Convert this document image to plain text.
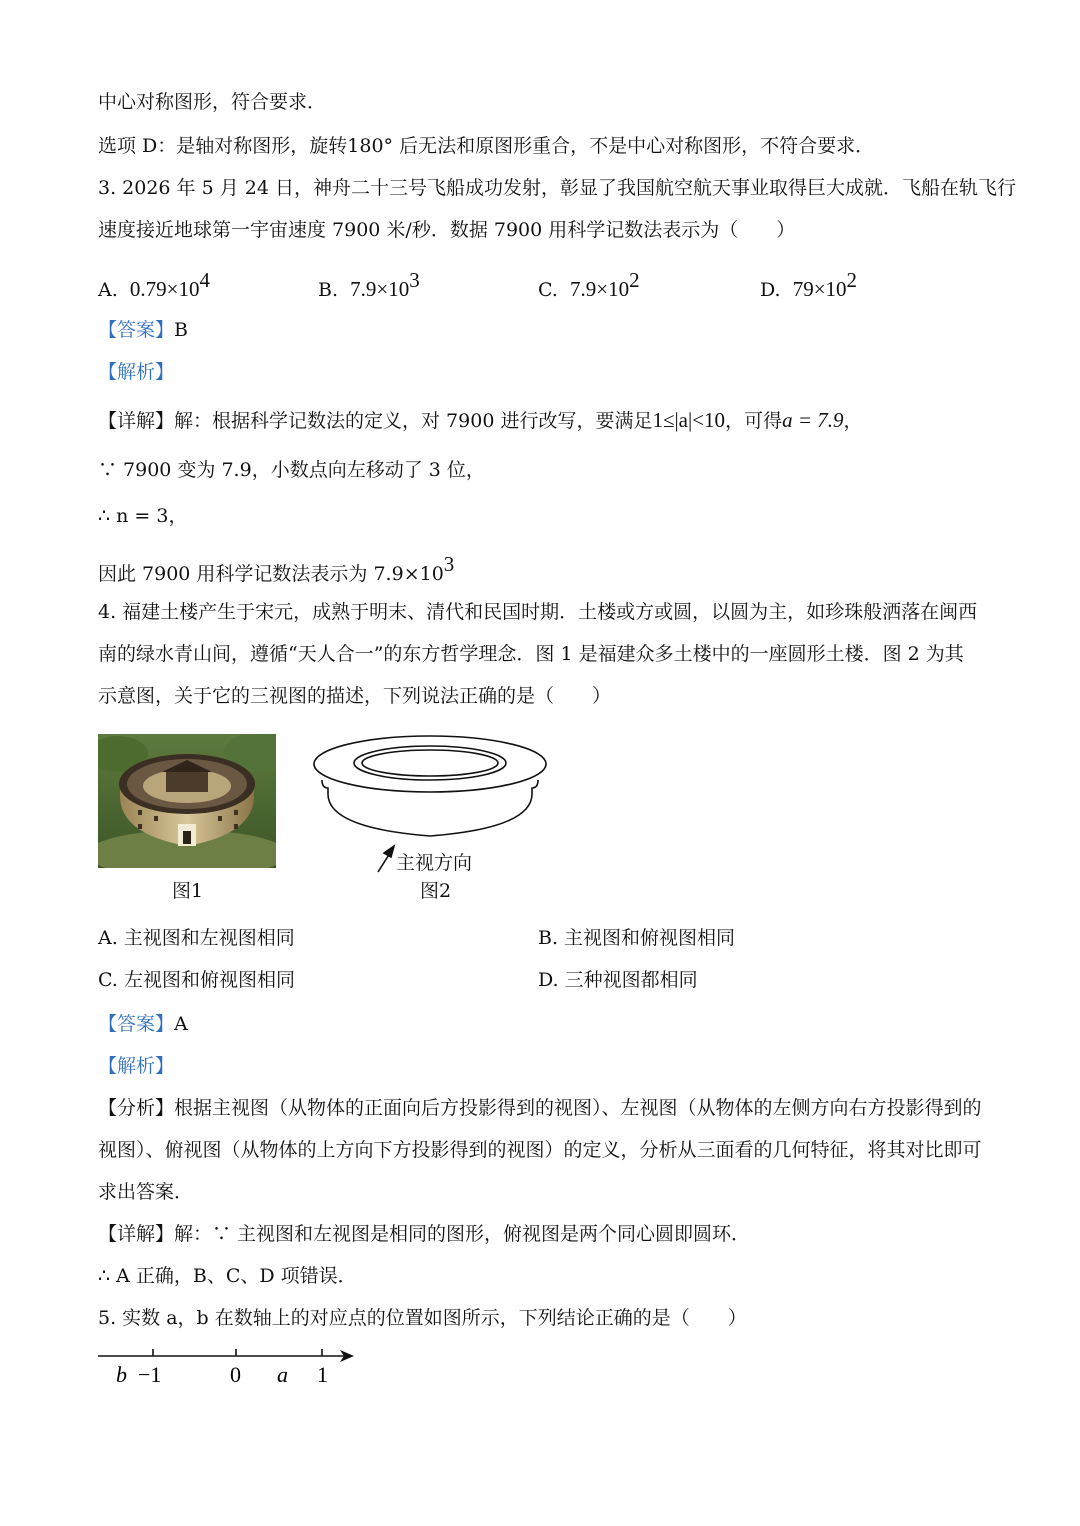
中心对称图形，符合要求．
选项 D：是轴对称图形，旋转180° 后无法和原图形重合，不是中心对称图形，不符合要求．
3. 2026 年 5 月 24 日，神舟二十三号飞船成功发射，彰显了我国航空航天事业取得巨大成就．飞船在轨飞行
速度接近地球第一宇宙速度 7900 米/秒．数据 7900 用科学记数法表示为（　　）
A. $0.79\times 10^4$	B. $7.9\times 10^3$	C. $7.9\times 10^2$	D. $79\times 10^2$
【答案】B
【解析】
【详解】解：根据科学记数法的定义，对 7900 进行改写，要满足1≤|a|<10，可得a = 7.9，
∵ 7900 变为 7.9，小数点向左移动了 3 位，
∴ n = 3，
因此 7900 用科学记数法表示为 $7.9\times 10^3$
4. 福建土楼产生于宋元，成熟于明末、清代和民国时期．土楼或方或圆，以圆为主，如珍珠般洒落在闽西
南的绿水青山间，遵循“天人合一”的东方哲学理念．图 1 是福建众多土楼中的一座圆形土楼．图 2 为其
示意图，关于它的三视图的描述，下列说法正确的是（　　）
图1
主视方向
图2
A. 主视图和左视图相同	B. 主视图和俯视图相同
C. 左视图和俯视图相同	D. 三种视图都相同
【答案】A
【解析】
【分析】根据主视图（从物体的正面向后方投影得到的视图）、左视图（从物体的左侧方向右方投影得到的
视图）、俯视图（从物体的上方向下方投影得到的视图）的定义，分析从三面看的几何特征，将其对比即可
求出答案．
【详解】解：∵ 主视图和左视图是相同的图形，俯视图是两个同心圆即圆环．
∴ A 正确，B、C、D 项错误．
5. 实数 a，b 在数轴上的对应点的位置如图所示，下列结论正确的是（　　）
b −1	0 a 1
